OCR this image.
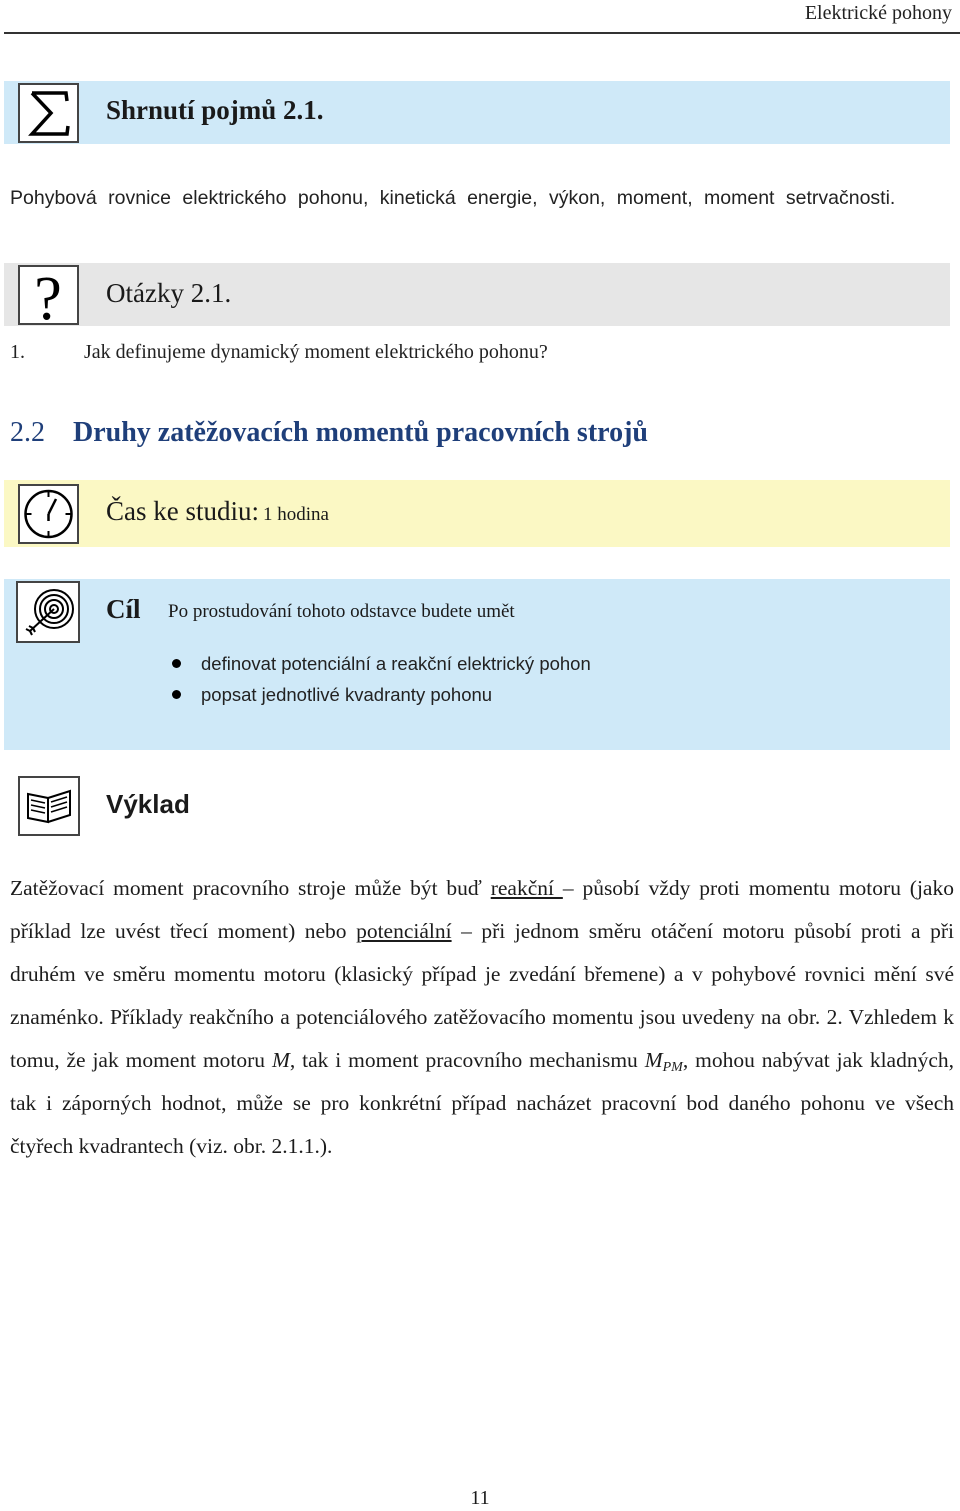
Elektrické pohony
Shrnutí pojmů 2.1.

Pohybová rovnice elektrického pohonu, kinetická energie, výkon, moment, moment setrvačnosti.

? Otázky 2.1.
1.	Jak definujeme dynamický moment elektrického pohonu?
2.2 Druhy zatěžovacích momentů pracovních strojů
Čas ke studiu: 1 hodina
Cíl Po prostudování tohoto odstavce budete umět
definovat potenciální a reakční elektrický pohon
popsat jednotlivé kvadranty pohonu
Výklad

Zatěžovací moment pracovního stroje může být buď reakční – působí vždy proti momentu motoru (jako příklad lze uvést třecí moment) nebo potenciální – při jednom směru otáčení motoru působí proti a při druhém ve směru momentu motoru (klasický případ je zvedání břemene) a v pohybové rovnici mění své znaménko. Příklady reakčního a potenciálového zatěžovacího momentu jsou uvedeny na obr. 2. Vzhledem k tomu, že jak moment motoru M, tak i moment pracovního mechanismu $M_{PM}$, mohou nabývat jak kladných, tak i záporných hodnot, může se pro konkrétní případ nacházet pracovní bod daného pohonu ve všech čtyřech kvadrantech (viz. obr. 2.1.1.).

11
